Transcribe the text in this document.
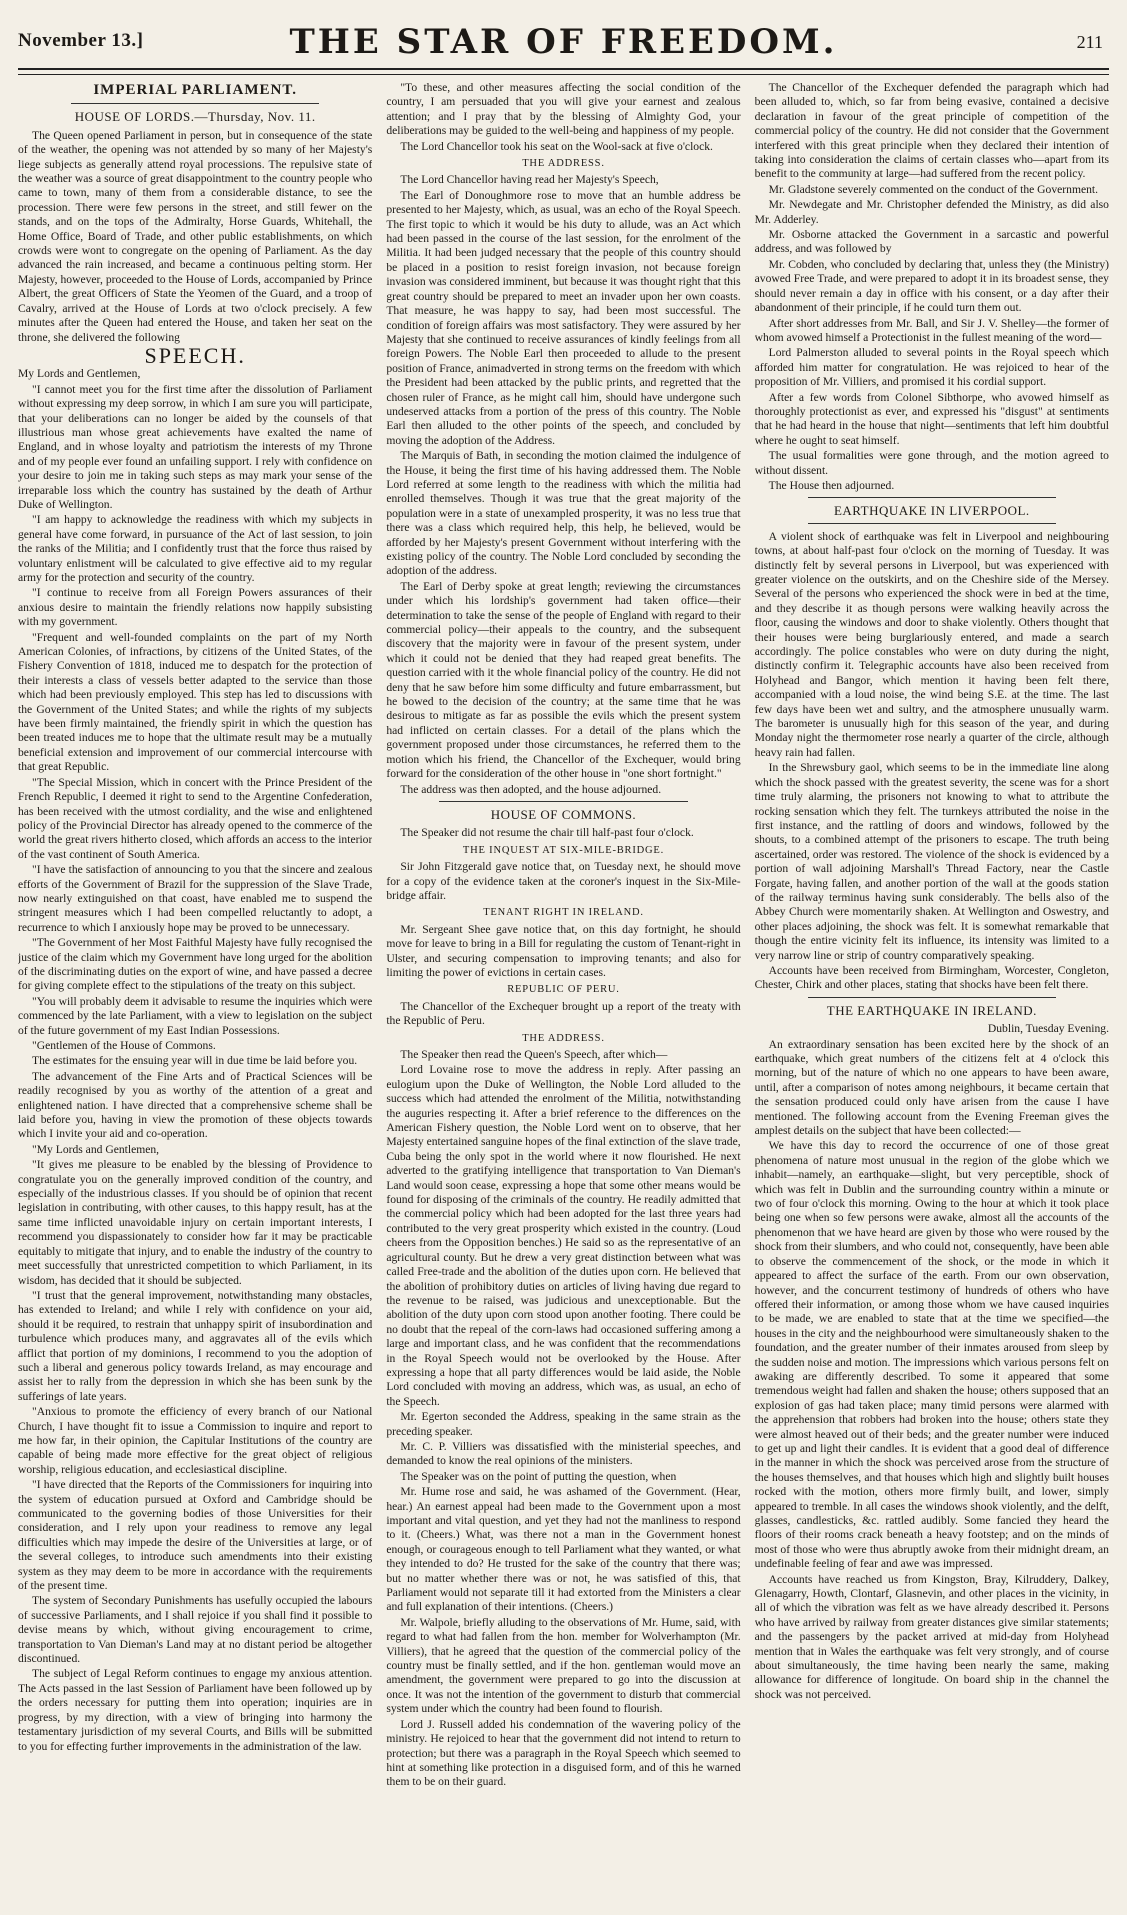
November 13.]	THE STAR OF FREEDOM.	211
IMPERIAL PARLIAMENT.
HOUSE OF LORDS.—Thursday, Nov. 11.

The Queen opened Parliament in person, but in consequence of the state of the weather, the opening was not attended by so many of her Majesty's liege subjects as generally attend royal processions. The repulsive state of the weather was a source of great disappointment to the country people who came to town, many of them from a considerable distance, to see the procession. There were few persons in the street, and still fewer on the stands, and on the tops of the Admiralty, Horse Guards, Whitehall, the Home Office, Board of Trade, and other public establishments, on which crowds were wont to congregate on the opening of Parliament. As the day advanced the rain increased, and became a continuous pelting storm. Her Majesty, however, proceeded to the House of Lords, accompanied by Prince Albert, the great Officers of State the Yeomen of the Guard, and a troop of Cavalry, arrived at the House of Lords at two o'clock precisely. A few minutes after the Queen had entered the House, and taken her seat on the throne, she delivered the following

SPEECH.

My Lords and Gentlemen,

"I cannot meet you for the first time after the dissolution of Parliament without expressing my deep sorrow, in which I am sure you will participate, that your deliberations can no longer be aided by the counsels of that illustrious man whose great achievements have exalted the name of England, and in whose loyalty and patriotism the interests of my Throne and of my people ever found an unfailing support. I rely with confidence on your desire to join me in taking such steps as may mark your sense of the irreparable loss which the country has sustained by the death of Arthur Duke of Wellington.

"I am happy to acknowledge the readiness with which my subjects in general have come forward, in pursuance of the Act of last session, to join the ranks of the Militia; and I confidently trust that the force thus raised by voluntary enlistment will be calculated to give effective aid to my regular army for the protection and security of the country.

"I continue to receive from all Foreign Powers assurances of their anxious desire to maintain the friendly relations now happily subsisting with my government.

"Frequent and well-founded complaints on the part of my North American Colonies, of infractions, by citizens of the United States, of the Fishery Convention of 1818, induced me to despatch for the protection of their interests a class of vessels better adapted to the service than those which had been previously employed. This step has led to discussions with the Government of the United States; and while the rights of my subjects have been firmly maintained, the friendly spirit in which the question has been treated induces me to hope that the ultimate result may be a mutually beneficial extension and improvement of our commercial intercourse with that great Republic.

"The Special Mission, which in concert with the Prince President of the French Republic, I deemed it right to send to the Argentine Confederation, has been received with the utmost cordiality, and the wise and enlightened policy of the Provincial Director has already opened to the commerce of the world the great rivers hitherto closed, which affords an access to the interior of the vast continent of South America.

"I have the satisfaction of announcing to you that the sincere and zealous efforts of the Government of Brazil for the suppression of the Slave Trade, now nearly extinguished on that coast, have enabled me to suspend the stringent measures which I had been compelled reluctantly to adopt, a recurrence to which I anxiously hope may be proved to be unnecessary.

"The Government of her Most Faithful Majesty have fully recognised the justice of the claim which my Government have long urged for the abolition of the discriminating duties on the export of wine, and have passed a decree for giving complete effect to the stipulations of the treaty on this subject.

"You will probably deem it advisable to resume the inquiries which were commenced by the late Parliament, with a view to legislation on the subject of the future government of my East Indian Possessions.

"Gentlemen of the House of Commons.

The estimates for the ensuing year will in due time be laid before you.

The advancement of the Fine Arts and of Practical Sciences will be readily recognised by you as worthy of the attention of a great and enlightened nation. I have directed that a comprehensive scheme shall be laid before you, having in view the promotion of these objects towards which I invite your aid and co-operation.

"My Lords and Gentlemen,

"It gives me pleasure to be enabled by the blessing of Providence to congratulate you on the generally improved condition of the country, and especially of the industrious classes. If you should be of opinion that recent legislation in contributing, with other causes, to this happy result, has at the same time inflicted unavoidable injury on certain important interests, I recommend you dispassionately to consider how far it may be practicable equitably to mitigate that injury, and to enable the industry of the country to meet successfully that unrestricted competition to which Parliament, in its wisdom, has decided that it should be subjected.

"I trust that the general improvement, notwithstanding many obstacles, has extended to Ireland; and while I rely with confidence on your aid, should it be required, to restrain that unhappy spirit of insubordination and turbulence which produces many, and aggravates all of the evils which afflict that portion of my dominions, I recommend to you the adoption of such a liberal and generous policy towards Ireland, as may encourage and assist her to rally from the depression in which she has been sunk by the sufferings of late years.

"Anxious to promote the efficiency of every branch of our National Church, I have thought fit to issue a Commission to inquire and report to me how far, in their opinion, the Capitular Institutions of the country are capable of being made more effective for the great object of religious worship, religious education, and ecclesiastical discipline.

"I have directed that the Reports of the Commissioners for inquiring into the system of education pursued at Oxford and Cambridge should be communicated to the governing bodies of those Universities for their consideration, and I rely upon your readiness to remove any legal difficulties which may impede the desire of the Universities at large, or of the several colleges, to introduce such amendments into their existing system as they may deem to be more in accordance with the requirements of the present time.

The system of Secondary Punishments has usefully occupied the labours of successive Parliaments, and I shall rejoice if you shall find it possible to devise means by which, without giving encouragement to crime, transportation to Van Dieman's Land may at no distant period be altogether discontinued.

The subject of Legal Reform continues to engage my anxious attention. The Acts passed in the last Session of Parliament have been followed up by the orders necessary for putting them into operation; inquiries are in progress, by my direction, with a view of bringing into harmony the testamentary jurisdiction of my several Courts, and Bills will be submitted to you for effecting further improvements in the administration of the law.

"To these, and other measures affecting the social condition of the country, I am persuaded that you will give your earnest and zealous attention; and I pray that by the blessing of Almighty God, your deliberations may be guided to the well-being and happiness of my people.

The Lord Chancellor took his seat on the Wool-sack at five o'clock.

THE ADDRESS.

The Lord Chancellor having read her Majesty's Speech,

The Earl of Donoughmore rose to move that an humble address be presented to her Majesty, which, as usual, was an echo of the Royal Speech. The first topic to which it would be his duty to allude, was an Act which had been passed in the course of the last session, for the enrolment of the Militia. It had been judged necessary that the people of this country should be placed in a position to resist foreign invasion, not because foreign invasion was considered imminent, but because it was thought right that this great country should be prepared to meet an invader upon her own coasts. That measure, he was happy to say, had been most successful. The condition of foreign affairs was most satisfactory. They were assured by her Majesty that she continued to receive assurances of kindly feelings from all foreign Powers. The Noble Earl then proceeded to allude to the present position of France, animadverted in strong terms on the freedom with which the President had been attacked by the public prints, and regretted that the chosen ruler of France, as he might call him, should have undergone such undeserved attacks from a portion of the press of this country. The Noble Earl then alluded to the other points of the speech, and concluded by moving the adoption of the Address.

The Marquis of Bath, in seconding the motion claimed the indulgence of the House, it being the first time of his having addressed them. The Noble Lord referred at some length to the readiness with which the militia had enrolled themselves. Though it was true that the great majority of the population were in a state of unexampled prosperity, it was no less true that there was a class which required help, this help, he believed, would be afforded by her Majesty's present Government without interfering with the existing policy of the country. The Noble Lord concluded by seconding the adoption of the address.

The Earl of Derby spoke at great length; reviewing the circumstances under which his lordship's government had taken office—their determination to take the sense of the people of England with regard to their commercial policy—their appeals to the country, and the subsequent discovery that the majority were in favour of the present system, under which it could not be denied that they had reaped great benefits. The question carried with it the whole financial policy of the country. He did not deny that he saw before him some difficulty and future embarrassment, but he bowed to the decision of the country; at the same time that he was desirous to mitigate as far as possible the evils which the present system had inflicted on certain classes. For a detail of the plans which the government proposed under those circumstances, he referred them to the motion which his friend, the Chancellor of the Exchequer, would bring forward for the consideration of the other house in "one short fortnight."

The address was then adopted, and the house adjourned.

HOUSE OF COMMONS.

The Speaker did not resume the chair till half-past four o'clock.

THE INQUEST AT SIX-MILE-BRIDGE.

Sir John Fitzgerald gave notice that, on Tuesday next, he should move for a copy of the evidence taken at the coroner's inquest in the Six-Mile-bridge affair.

TENANT RIGHT IN IRELAND.

Mr. Sergeant Shee gave notice that, on this day fortnight, he should move for leave to bring in a Bill for regulating the custom of Tenant-right in Ulster, and securing compensation to improving tenants; and also for limiting the power of evictions in certain cases.

REPUBLIC OF PERU.

The Chancellor of the Exchequer brought up a report of the treaty with the Republic of Peru.

THE ADDRESS.

The Speaker then read the Queen's Speech, after which—

Lord Lovaine rose to move the address in reply. After passing an eulogium upon the Duke of Wellington, the Noble Lord alluded to the success which had attended the enrolment of the Militia, notwithstanding the auguries respecting it. After a brief reference to the differences on the American Fishery question, the Noble Lord went on to observe, that her Majesty entertained sanguine hopes of the final extinction of the slave trade, Cuba being the only spot in the world where it now flourished. He next adverted to the gratifying intelligence that transportation to Van Dieman's Land would soon cease, expressing a hope that some other means would be found for disposing of the criminals of the country. He readily admitted that the commercial policy which had been adopted for the last three years had contributed to the very great prosperity which existed in the country. (Loud cheers from the Opposition benches.) He said so as the representative of an agricultural county. But he drew a very great distinction between what was called Free-trade and the abolition of the duties upon corn. He believed that the abolition of prohibitory duties on articles of living having due regard to the revenue to be raised, was judicious and unexceptionable. But the abolition of the duty upon corn stood upon another footing. There could be no doubt that the repeal of the corn-laws had occasioned suffering among a large and important class, and he was confident that the recommendations in the Royal Speech would not be overlooked by the House. After expressing a hope that all party differences would be laid aside, the Noble Lord concluded with moving an address, which was, as usual, an echo of the Speech.

Mr. Egerton seconded the Address, speaking in the same strain as the preceding speaker.

Mr. C. P. Villiers was dissatisfied with the ministerial speeches, and demanded to know the real opinions of the ministers.

The Speaker was on the point of putting the question, when

Mr. Hume rose and said, he was ashamed of the Government. (Hear, hear.) An earnest appeal had been made to the Government upon a most important and vital question, and yet they had not the manliness to respond to it. (Cheers.) What, was there not a man in the Government honest enough, or courageous enough to tell Parliament what they wanted, or what they intended to do? He trusted for the sake of the country that there was; but no matter whether there was or not, he was satisfied of this, that Parliament would not separate till it had extorted from the Ministers a clear and full explanation of their intentions. (Cheers.)

Mr. Walpole, briefly alluding to the observations of Mr. Hume, said, with regard to what had fallen from the hon. member for Wolverhampton (Mr. Villiers), that he agreed that the question of the commercial policy of the country must be finally settled, and if the hon. gentleman would move an amendment, the government were prepared to go into the discussion at once. It was not the intention of the government to disturb that commercial system under which the country had been found to flourish.

Lord J. Russell added his condemnation of the wavering policy of the ministry. He rejoiced to hear that the government did not intend to return to protection; but there was a paragraph in the Royal Speech which seemed to hint at something like protection in a disguised form, and of this he warned them to be on their guard.

The Chancellor of the Exchequer defended the paragraph which had been alluded to, which, so far from being evasive, contained a decisive declaration in favour of the great principle of competition of the commercial policy of the country. He did not consider that the Government interfered with this great principle when they declared their intention of taking into consideration the claims of certain classes who—apart from its benefit to the community at large—had suffered from the recent policy.

Mr. Gladstone severely commented on the conduct of the Government.

Mr. Newdegate and Mr. Christopher defended the Ministry, as did also Mr. Adderley.

Mr. Osborne attacked the Government in a sarcastic and powerful address, and was followed by

Mr. Cobden, who concluded by declaring that, unless they (the Ministry) avowed Free Trade, and were prepared to adopt it in its broadest sense, they should never remain a day in office with his consent, or a day after their abandonment of their principle, if he could turn them out.

After short addresses from Mr. Ball, and Sir J. V. Shelley—the former of whom avowed himself a Protectionist in the fullest meaning of the word—

Lord Palmerston alluded to several points in the Royal speech which afforded him matter for congratulation. He was rejoiced to hear of the proposition of Mr. Villiers, and promised it his cordial support.

After a few words from Colonel Sibthorpe, who avowed himself as thoroughly protectionist as ever, and expressed his "disgust" at sentiments that he had heard in the house that night—sentiments that left him doubtful where he ought to seat himself.

The usual formalities were gone through, and the motion agreed to without dissent.

The House then adjourned.

EARTHQUAKE IN LIVERPOOL.

A violent shock of earthquake was felt in Liverpool and neighbouring towns, at about half-past four o'clock on the morning of Tuesday. It was distinctly felt by several persons in Liverpool, but was experienced with greater violence on the outskirts, and on the Cheshire side of the Mersey. Several of the persons who experienced the shock were in bed at the time, and they describe it as though persons were walking heavily across the floor, causing the windows and door to shake violently. Others thought that their houses were being burglariously entered, and made a search accordingly. The police constables who were on duty during the night, distinctly confirm it. Telegraphic accounts have also been received from Holyhead and Bangor, which mention it having been felt there, accompanied with a loud noise, the wind being S.E. at the time. The last few days have been wet and sultry, and the atmosphere unusually warm. The barometer is unusually high for this season of the year, and during Monday night the thermometer rose nearly a quarter of the circle, although heavy rain had fallen.

In the Shrewsbury gaol, which seems to be in the immediate line along which the shock passed with the greatest severity, the scene was for a short time truly alarming, the prisoners not knowing to what to attribute the rocking sensation which they felt. The turnkeys attributed the noise in the first instance, and the rattling of doors and windows, followed by the shouts, to a combined attempt of the prisoners to escape. The truth being ascertained, order was restored. The violence of the shock is evidenced by a portion of wall adjoining Marshall's Thread Factory, near the Castle Forgate, having fallen, and another portion of the wall at the goods station of the railway terminus having sunk considerably. The bells also of the Abbey Church were momentarily shaken. At Wellington and Oswestry, and other places adjoining, the shock was felt. It is somewhat remarkable that though the entire vicinity felt its influence, its intensity was limited to a very narrow line or strip of country comparatively speaking.

Accounts have been received from Birmingham, Worcester, Congleton, Chester, Chirk and other places, stating that shocks have been felt there.

THE EARTHQUAKE IN IRELAND.

Dublin, Tuesday Evening.

An extraordinary sensation has been excited here by the shock of an earthquake, which great numbers of the citizens felt at 4 o'clock this morning, but of the nature of which no one appears to have been aware, until, after a comparison of notes among neighbours, it became certain that the sensation produced could only have arisen from the cause I have mentioned. The following account from the Evening Freeman gives the amplest details on the subject that have been collected:—

We have this day to record the occurrence of one of those great phenomena of nature most unusual in the region of the globe which we inhabit—namely, an earthquake—slight, but very perceptible, shock of which was felt in Dublin and the surrounding country within a minute or two of four o'clock this morning. Owing to the hour at which it took place being one when so few persons were awake, almost all the accounts of the phenomenon that we have heard are given by those who were roused by the shock from their slumbers, and who could not, consequently, have been able to observe the commencement of the shock, or the mode in which it appeared to affect the surface of the earth. From our own observation, however, and the concurrent testimony of hundreds of others who have offered their information, or among those whom we have caused inquiries to be made, we are enabled to state that at the time we specified—the houses in the city and the neighbourhood were simultaneously shaken to the foundation, and the greater number of their inmates aroused from sleep by the sudden noise and motion. The impressions which various persons felt on awaking are differently described. To some it appeared that some tremendous weight had fallen and shaken the house; others supposed that an explosion of gas had taken place; many timid persons were alarmed with the apprehension that robbers had broken into the house; others state they were almost heaved out of their beds; and the greater number were induced to get up and light their candles. It is evident that a good deal of difference in the manner in which the shock was perceived arose from the structure of the houses themselves, and that houses which high and slightly built houses rocked with the motion, others more firmly built, and lower, simply appeared to tremble. In all cases the windows shook violently, and the delft, glasses, candlesticks, &c. rattled audibly. Some fancied they heard the floors of their rooms crack beneath a heavy footstep; and on the minds of most of those who were thus abruptly awoke from their midnight dream, an undefinable feeling of fear and awe was impressed.

Accounts have reached us from Kingston, Bray, Kilruddery, Dalkey, Glenagarry, Howth, Clontarf, Glasnevin, and other places in the vicinity, in all of which the vibration was felt as we have already described it. Persons who have arrived by railway from greater distances give similar statements; and the passengers by the packet arrived at mid-day from Holyhead mention that in Wales the earthquake was felt very strongly, and of course about simultaneously, the time having been nearly the same, making allowance for difference of longitude. On board ship in the channel the shock was not perceived.
